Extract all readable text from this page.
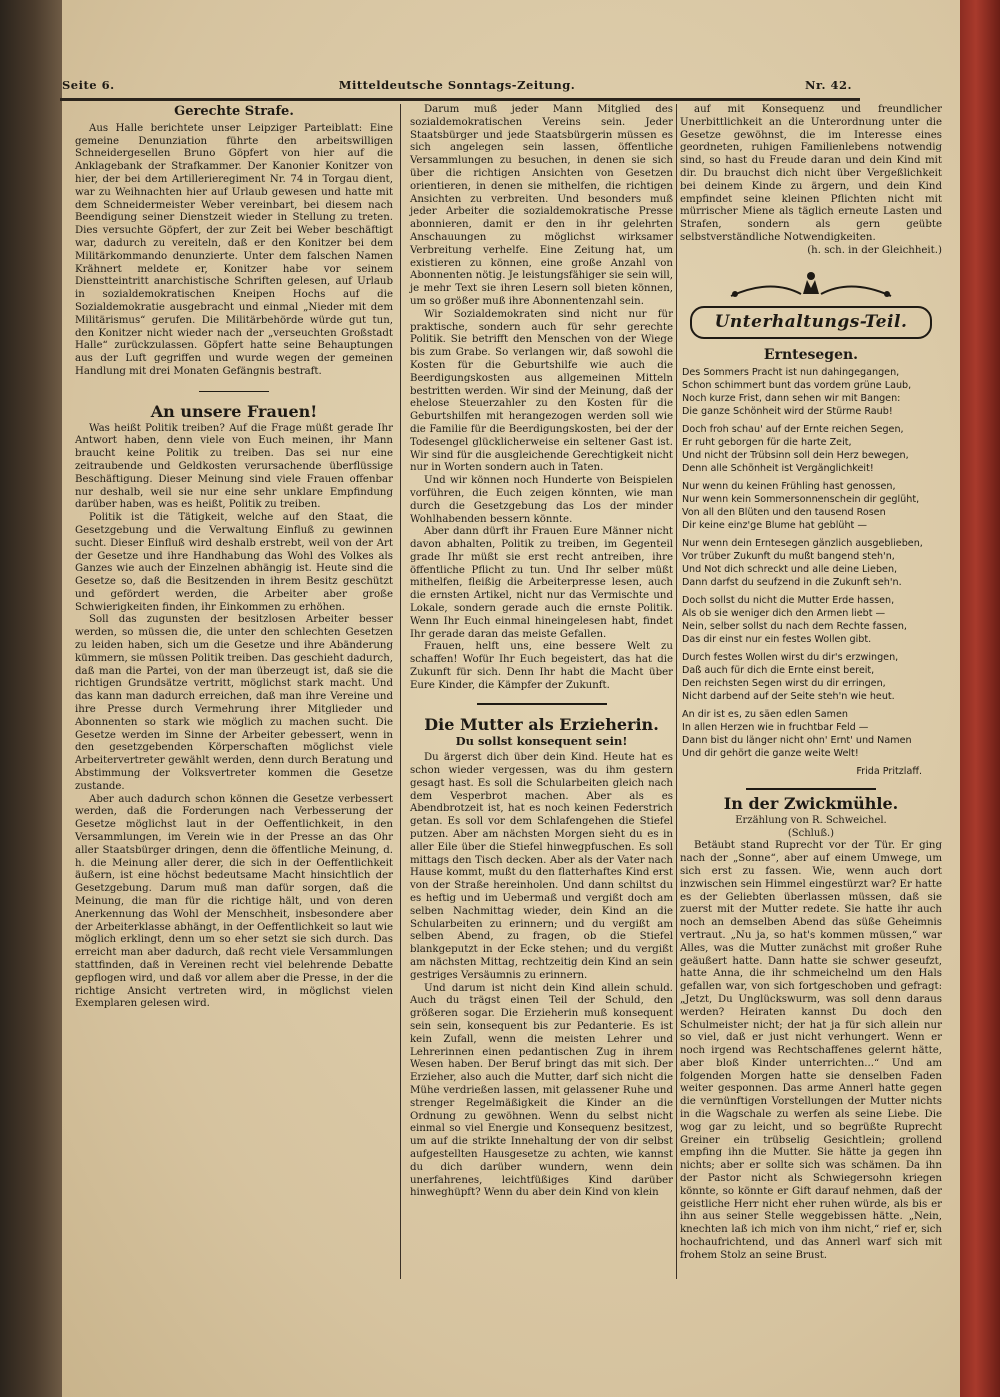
Seite 6.	Mitteldeutsche Sonntags-Zeitung.	Nr. 42.
Gerechte Strafe.

Aus Halle berichtete unser Leipziger Parteiblatt: Eine gemeine Denunziation führte den arbeitswilligen Schneidergesellen Bruno Göpfert von hier auf die Anklagebank der Strafkammer. Der Kanonier Konitzer von hier, der bei dem Artillerieregiment Nr. 74 in Torgau dient, war zu Weihnachten hier auf Urlaub gewesen und hatte mit dem Schneidermeister Weber vereinbart, bei diesem nach Beendigung seiner Dienstzeit wieder in Stellung zu treten. Dies versuchte Göpfert, der zur Zeit bei Weber beschäftigt war, dadurch zu vereiteln, daß er den Konitzer bei dem Militärkommando denunzierte. Unter dem falschen Namen Krähnert meldete er, Konitzer habe vor seinem Dienstteintritt anarchistische Schriften gelesen, auf Urlaub in sozialdemokratischen Kneipen Hochs auf die Sozialdemokratie ausgebracht und einmal „Nieder mit dem Militärismus“ gerufen. Die Militärbehörde würde gut tun, den Konitzer nicht wieder nach der „verseuchten Großstadt Halle“ zurückzulassen. Göpfert hatte seine Behauptungen aus der Luft gegriffen und wurde wegen der gemeinen Handlung mit drei Monaten Gefängnis bestraft.

An unsere Frauen!

Was heißt Politik treiben? Auf die Frage müßt gerade Ihr Antwort haben, denn viele von Euch meinen, ihr Mann braucht keine Politik zu treiben. Das sei nur eine zeitraubende und Geldkosten verursachende überflüssige Beschäftigung. Dieser Meinung sind viele Frauen offenbar nur deshalb, weil sie nur eine sehr unklare Empfindung darüber haben, was es heißt, Politik zu treiben.

Politik ist die Tätigkeit, welche auf den Staat, die Gesetzgebung und die Verwaltung Einfluß zu gewinnen sucht. Dieser Einfluß wird deshalb erstrebt, weil von der Art der Gesetze und ihre Handhabung das Wohl des Volkes als Ganzes wie auch der Einzelnen abhängig ist. Heute sind die Gesetze so, daß die Besitzenden in ihrem Besitz geschützt und gefördert werden, die Arbeiter aber große Schwierigkeiten finden, ihr Einkommen zu erhöhen.

Soll das zugunsten der besitzlosen Arbeiter besser werden, so müssen die, die unter den schlechten Gesetzen zu leiden haben, sich um die Gesetze und ihre Abänderung kümmern, sie müssen Politik treiben. Das geschieht dadurch, daß man die Partei, von der man überzeugt ist, daß sie die richtigen Grundsätze vertritt, möglichst stark macht. Und das kann man dadurch erreichen, daß man ihre Vereine und ihre Presse durch Vermehrung ihrer Mitglieder und Abonnenten so stark wie möglich zu machen sucht. Die Gesetze werden im Sinne der Arbeiter gebessert, wenn in den gesetzgebenden Körperschaften möglichst viele Arbeitervertreter gewählt werden, denn durch Beratung und Abstimmung der Volksvertreter kommen die Gesetze zustande.

Aber auch dadurch schon können die Gesetze verbessert werden, daß die Forderungen nach Verbesserung der Gesetze möglichst laut in der Oeffentlichkeit, in den Versammlungen, im Verein wie in der Presse an das Ohr aller Staatsbürger dringen, denn die öffentliche Meinung, d. h. die Meinung aller derer, die sich in der Oeffentlichkeit äußern, ist eine höchst bedeutsame Macht hinsichtlich der Gesetzgebung. Darum muß man dafür sorgen, daß die Meinung, die man für die richtige hält, und von deren Anerkennung das Wohl der Menschheit, insbesondere aber der Arbeiterklasse abhängt, in der Oeffentlichkeit so laut wie möglich erklingt, denn um so eher setzt sie sich durch. Das erreicht man aber dadurch, daß recht viele Versammlungen stattfinden, daß in Vereinen recht viel belehrende Debatte gepflogen wird, und daß vor allem aber die Presse, in der die richtige Ansicht vertreten wird, in möglichst vielen Exemplaren gelesen wird.

Darum muß jeder Mann Mitglied des sozialdemokratischen Vereins sein. Jeder Staatsbürger und jede Staatsbürgerin müssen es sich angelegen sein lassen, öffentliche Versammlungen zu besuchen, in denen sie sich über die richtigen Ansichten von Gesetzen orientieren, in denen sie mithelfen, die richtigen Ansichten zu verbreiten. Und besonders muß jeder Arbeiter die sozialdemokratische Presse abonnieren, damit er den in ihr gelehrten Anschauungen zu möglichst wirksamer Verbreitung verhelfe. Eine Zeitung hat, um existieren zu können, eine große Anzahl von Abonnenten nötig. Je leistungsfähiger sie sein will, je mehr Text sie ihren Lesern soll bieten können, um so größer muß ihre Abonnentenzahl sein.

Wir Sozialdemokraten sind nicht nur für praktische, sondern auch für sehr gerechte Politik. Sie betrifft den Menschen von der Wiege bis zum Grabe. So verlangen wir, daß sowohl die Kosten für die Geburtshilfe wie auch die Beerdigungskosten aus allgemeinen Mitteln bestritten werden. Wir sind der Meinung, daß der ehelose Steuerzahler zu den Kosten für die Geburtshilfen mit herangezogen werden soll wie die Familie für die Beerdigungskosten, bei der der Todesengel glücklicherweise ein seltener Gast ist. Wir sind für die ausgleichende Gerechtigkeit nicht nur in Worten sondern auch in Taten.

Und wir können noch Hunderte von Beispielen vorführen, die Euch zeigen könnten, wie man durch die Gesetzgebung das Los der minder Wohlhabenden bessern könnte.

Aber dann dürft ihr Frauen Eure Männer nicht davon abhalten, Politik zu treiben, im Gegenteil grade Ihr müßt sie erst recht antreiben, ihre öffentliche Pflicht zu tun. Und Ihr selber müßt mithelfen, fleißig die Arbeiterpresse lesen, auch die ernsten Artikel, nicht nur das Vermischte und Lokale, sondern gerade auch die ernste Politik. Wenn Ihr Euch einmal hineingelesen habt, findet Ihr gerade daran das meiste Gefallen.

Frauen, helft uns, eine bessere Welt zu schaffen! Wofür Ihr Euch begeistert, das hat die Zukunft für sich. Denn Ihr habt die Macht über Eure Kinder, die Kämpfer der Zukunft.

Die Mutter als Erzieherin.
Du sollst konsequent sein!

Du ärgerst dich über dein Kind. Heute hat es schon wieder vergessen, was du ihm gestern gesagt hast. Es soll die Schularbeiten gleich nach dem Vesperbrot machen. Aber als es Abendbrotzeit ist, hat es noch keinen Federstrich getan. Es soll vor dem Schlafengehen die Stiefel putzen. Aber am nächsten Morgen sieht du es in aller Eile über die Stiefel hinwegpfuschen. Es soll mittags den Tisch decken. Aber als der Vater nach Hause kommt, mußt du den flatterhaftes Kind erst von der Straße hereinholen. Und dann schiltst du es heftig und im Uebermaß und vergißt doch am selben Nachmittag wieder, dein Kind an die Schularbeiten zu erinnern; und du vergißt am selben Abend, zu fragen, ob die Stiefel blankgeputzt in der Ecke stehen; und du vergißt am nächsten Mittag, rechtzeitig dein Kind an sein gestriges Versäumnis zu erinnern.

Und darum ist nicht dein Kind allein schuld. Auch du trägst einen Teil der Schuld, den größeren sogar. Die Erzieherin muß konsequent sein sein, konsequent bis zur Pedanterie. Es ist kein Zufall, wenn die meisten Lehrer und Lehrerinnen einen pedantischen Zug in ihrem Wesen haben. Der Beruf bringt das mit sich. Der Erzieher, also auch die Mutter, darf sich nicht die Mühe verdrießen lassen, mit gelassener Ruhe und strenger Regelmäßigkeit die Kinder an die Ordnung zu gewöhnen. Wenn du selbst nicht einmal so viel Energie und Konsequenz besitzest, um auf die strikte Innehaltung der von dir selbst aufgestellten Hausgesetze zu achten, wie kannst du dich darüber wundern, wenn dein unerfahrenes, leichtfüßiges Kind darüber hinweghüpft? Wenn du aber dein Kind von klein

auf mit Konsequenz und freundlicher Unerbittlichkeit an die Unterordnung unter die Gesetze gewöhnst, die im Interesse eines geordneten, ruhigen Familienlebens notwendig sind, so hast du Freude daran und dein Kind mit dir. Du brauchst dich nicht über Vergeßlichkeit bei deinem Kinde zu ärgern, und dein Kind empfindet seine kleinen Pflichten nicht mit mürrischer Miene als täglich erneute Lasten und Strafen, sondern als gern geübte selbstverständliche Notwendigkeiten.

(h. sch. in der Gleichheit.)
Unterhaltungs-Teil.
Erntesegen.
Des Sommers Pracht ist nun dahingegangen,
Schon schimmert bunt das vordem grüne Laub,
Noch kurze Frist, dann sehen wir mit Bangen:
Die ganze Schönheit wird der Stürme Raub!
Doch froh schau' auf der Ernte reichen Segen,
Er ruht geborgen für die harte Zeit,
Und nicht der Trübsinn soll dein Herz bewegen,
Denn alle Schönheit ist Vergänglichkeit!
Nur wenn du keinen Frühling hast genossen,
Nur wenn kein Sommersonnenschein dir geglüht,
Von all den Blüten und den tausend Rosen
Dir keine einz'ge Blume hat geblüht —
Nur wenn dein Erntesegen gänzlich ausgeblieben,
Vor trüber Zukunft du mußt bangend steh'n,
Und Not dich schreckt und alle deine Lieben,
Dann darfst du seufzend in die Zukunft seh'n.
Doch sollst du nicht die Mutter Erde hassen,
Als ob sie weniger dich den Armen liebt —
Nein, selber sollst du nach dem Rechte fassen,
Das dir einst nur ein festes Wollen gibt.
Durch festes Wollen wirst du dir's erzwingen,
Daß auch für dich die Ernte einst bereit,
Den reichsten Segen wirst du dir erringen,
Nicht darbend auf der Seite steh'n wie heut.
An dir ist es, zu säen edlen Samen
In allen Herzen wie in fruchtbar Feld —
Dann bist du länger nicht ohn' Ernt' und Namen
Und dir gehört die ganze weite Welt!
Frida Pritzlaff.
In der Zwickmühle.
Erzählung von R. Schweichel.
(Schluß.)

Betäubt stand Ruprecht vor der Tür. Er ging nach der „Sonne“, aber auf einem Umwege, um sich erst zu fassen. Wie, wenn auch dort inzwischen sein Himmel eingestürzt war? Er hatte es der Geliebten überlassen müssen, daß sie zuerst mit der Mutter redete. Sie hatte ihr auch noch an demselben Abend das süße Geheimnis vertraut. „Nu ja, so hat's kommen müssen,“ war Alles, was die Mutter zunächst mit großer Ruhe geäußert hatte. Dann hatte sie schwer geseufzt, hatte Anna, die ihr schmeichelnd um den Hals gefallen war, von sich fortgeschoben und gefragt: „Jetzt, Du Unglückswurm, was soll denn daraus werden? Heiraten kannst Du doch den Schulmeister nicht; der hat ja für sich allein nur so viel, daß er just nicht verhungert. Wenn er noch irgend was Rechtschaffenes gelernt hätte, aber bloß Kinder unterrichten...“ Und am folgenden Morgen hatte sie denselben Faden weiter gesponnen. Das arme Annerl hatte gegen die vernünftigen Vorstellungen der Mutter nichts in die Wagschale zu werfen als seine Liebe. Die wog gar zu leicht, und so begrüßte Ruprecht Greiner ein trübselig Gesichtlein; grollend empfing ihn die Mutter. Sie hätte ja gegen ihn nichts; aber er sollte sich was schämen. Da ihn der Pastor nicht als Schwiegersohn kriegen könnte, so könnte er Gift darauf nehmen, daß der geistliche Herr nicht eher ruhen würde, als bis er ihn aus seiner Stelle weggebissen hätte. „Nein, knechten laß ich mich von ihm nicht,“ rief er, sich hochaufrichtend, und das Annerl warf sich mit frohem Stolz an seine Brust.
